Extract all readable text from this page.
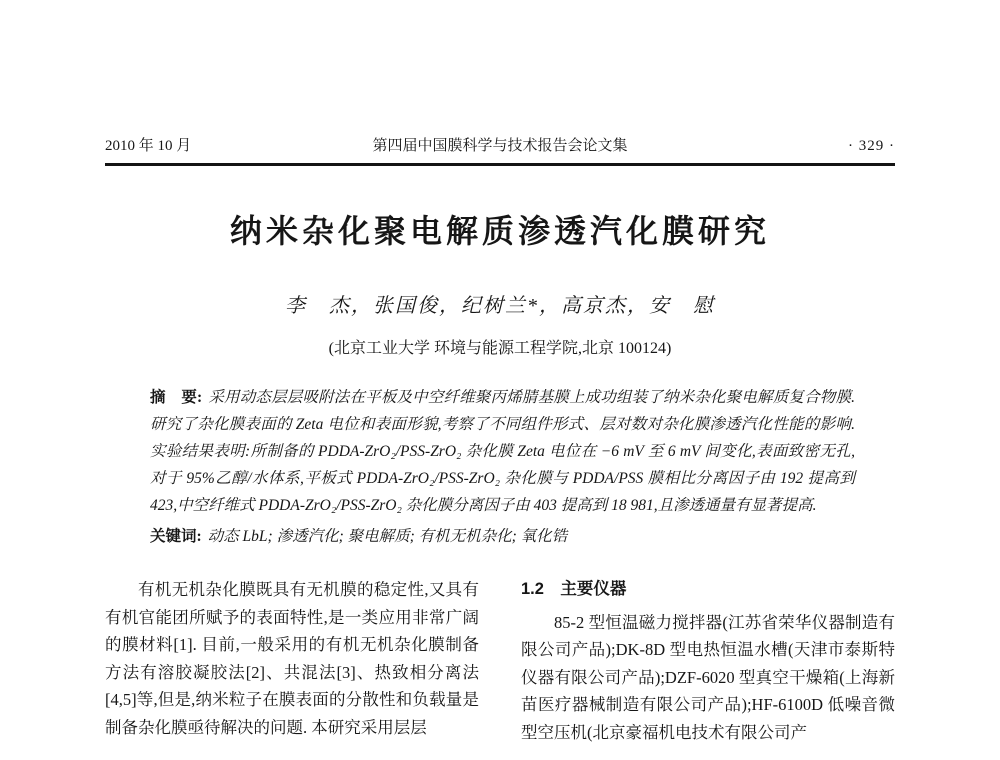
2010 年 10 月	第四届中国膜科学与技术报告会论文集	· 329 ·
纳米杂化聚电解质渗透汽化膜研究
李　杰，张国俊，纪树兰*，高京杰，安　慰
(北京工业大学 环境与能源工程学院,北京 100124)
摘　要: 采用动态层层吸附法在平板及中空纤维聚丙烯腈基膜上成功组装了纳米杂化聚电解质复合物膜. 研究了杂化膜表面的 Zeta 电位和表面形貌,考察了不同组件形式、层对数对杂化膜渗透汽化性能的影响. 实验结果表明:所制备的 PDDA-ZrO₂/PSS-ZrO₂ 杂化膜 Zeta 电位在 −6 mV 至 6 mV 间变化,表面致密无孔,对于 95%乙醇/水体系,平板式 PDDA-ZrO₂/PSS-ZrO₂ 杂化膜与 PDDA/PSS 膜相比分离因子由 192 提高到 423,中空纤维式 PDDA-ZrO₂/PSS-ZrO₂ 杂化膜分离因子由 403 提高到 18 981,且渗透通量有显著提高.
关键词: 动态 LbL; 渗透汽化; 聚电解质; 有机无机杂化; 氧化锆

有机无机杂化膜既具有无机膜的稳定性,又具有有机官能团所赋予的表面特性,是一类应用非常广阔的膜材料[1]. 目前,一般采用的有机无机杂化膜制备方法有溶胶凝胶法[2]、共混法[3]、热致相分离法[4,5]等,但是,纳米粒子在膜表面的分散性和负载量是制备杂化膜亟待解决的问题. 本研究采用层层

1.2　主要仪器

85-2 型恒温磁力搅拌器(江苏省荣华仪器制造有限公司产品);DK-8D 型电热恒温水槽(天津市泰斯特仪器有限公司产品);DZF-6020 型真空干燥箱(上海新苗医疗器械制造有限公司产品);HF-6100D 低噪音微型空压机(北京豪福机电技术有限公司产
